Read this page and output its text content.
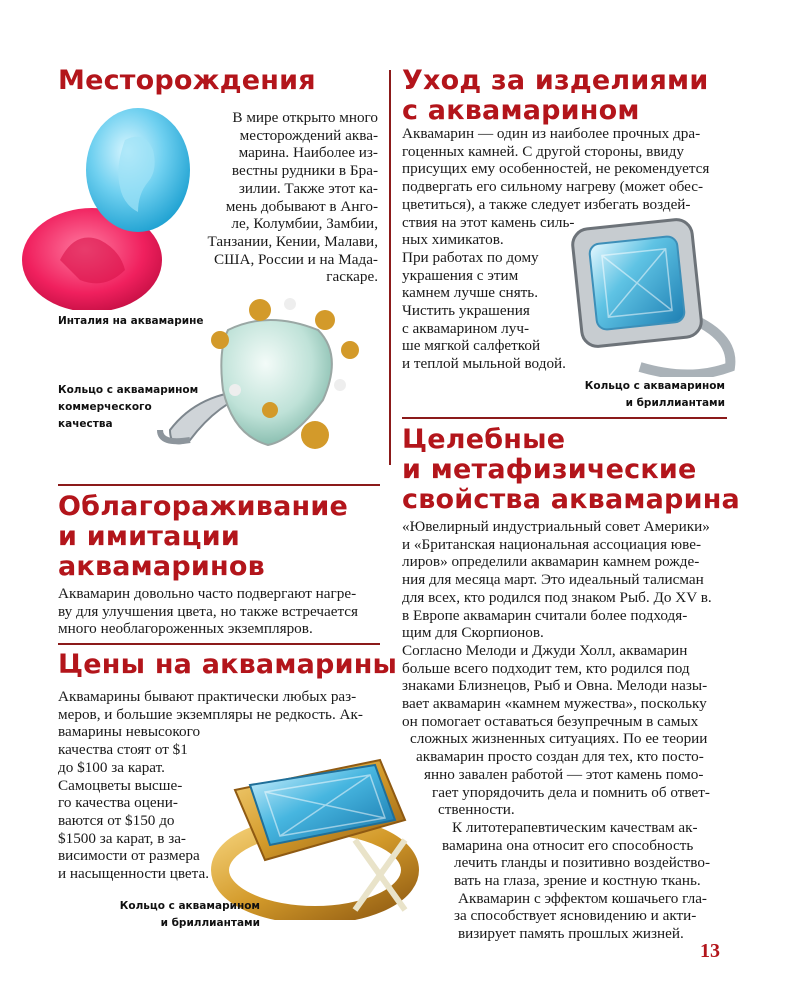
Месторождения

В мире открыто много
месторождений аква-
марина. Наиболее из-
вестны рудники в Бра-
зилии. Также этот ка-
мень добывают в Анго-
ле, Колумбии, Замбии,
Танзании, Кении, Малави,
США, России и на Мада-
гаскаре.

Инталия на аквамарине
Кольцо с аквамарином
коммерческого
качества
Уход за изделиями
с аквамарином

Аквамарин — один из наиболее прочных дра-
гоценных камней. С другой стороны, ввиду
присущих ему особенностей, не рекомендуется
подвергать его сильному нагреву (может обес-
цветиться), а также следует избегать воздей-
ствия на этот камень силь-
ных химикатов.
При работах по дому
украшения с этим
камнем лучше снять.
Чистить украшения
с аквамарином луч-
ше мягкой салфеткой
и теплой мыльной водой.

Кольцо с аквамарином
и бриллиантами
Целебные
и метафизические
свойства аквамарина

«Ювелирный индустриальный совет Америки»
и «Британская национальная ассоциация юве-
лиров» определили аквамарин камнем рожде-
ния для месяца март. Это идеальный талисман
для всех, кто родился под знаком Рыб. До XV в.
в Европе аквамарин считали более подходя-
щим для Скорпионов.
Согласно Мелоди и Джуди Холл, аквамарин
больше всего подходит тем, кто родился под
знаками Близнецов, Рыб и Овна. Мелоди назы-
вает аквамарин «камнем мужества», поскольку
он помогает оставаться безупречным в самых
сложных жизненных ситуациях. По ее теории
аквамарин просто создан для тех, кто посто-
янно завален работой — этот камень помо-
гает упорядочить дела и помнить об ответ-
ственности.
К литотерапевтическим качествам ак-
вамарина она относит его способность
лечить гланды и позитивно воздейство-
вать на глаза, зрение и костную ткань.
Аквамарин с эффектом кошачьего гла-
за способствует ясновидению и акти-
визирует память прошлых жизней.

Облагораживание
и имитации
аквамаринов

Аквамарин довольно часто подвергают нагре-
ву для улучшения цвета, но также встречается
много необлагороженных экземпляров.

Цены на аквамарины

Аквамарины бывают практически любых раз-
меров, и большие экземпляры не редкость. Ак-
вамарины невысокого
качества стоят от $1
до $100 за карат.
Самоцветы высше-
го качества оцени-
ваются от $150 до
$1500 за карат, в за-
висимости от размера
и насыщенности цвета.

Кольцо с аквамарином
и бриллиантами
13
